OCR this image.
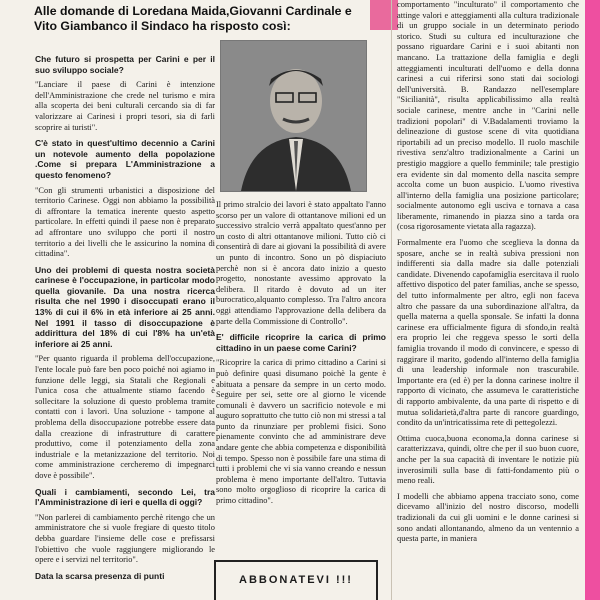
Alle domande di Loredana Maida,Giovanni Cardinale e Vito Giambanco il Sindaco ha risposto così:

Che futuro si prospetta per Carini e per il suo sviluppo sociale?

"Lanciare il paese di Carini è intenzione dell'Amministrazione che crede nel turismo e mira alla scoperta dei beni culturali cercando sia di far valorizzare ai Carinesi i propri tesori, sia di farli scoprire ai turisti".

C'è stato in quest'ultimo decennio a Carini un notevole aumento della popolazione .Come si prepara L'Amministrazione a questo fenomeno?

"Con gli strumenti urbanistici a disposizione del territorio Carinese. Oggi non abbiamo la possibilità di affrontare la tematica inerente questo aspetto particolare. In effetti quindi il paese non è preparato ad affrontare uno sviluppo che porti il nostro territorio a dei livelli che le assicurino la nomina di cittadina".

Uno dei problemi di questa nostra società carinese è l'occupazione, in particolar modo quella giovanile. Da una nostra ricerca risulta che nel 1990 i disoccupati erano il 13% di cui il 6% in età inferiore ai 25 anni. Nel 1991 il tasso di disoccupazione è addirittura del 18% di cui l'8% ha un'età inferiore ai 25 anni.

"Per quanto riguarda il problema dell'occupazione, l'ente locale può fare ben poco poiché noi agiamo in funzione delle leggi, sia Statali che Regionali e l'unica cosa che attualmente stiamo facendo è sollecitare la soluzione di questo problema tramite contatti con i lavori. Una soluzione - tampone al problema della disoccupazione potrebbe essere data dalla creazione di infrastrutture di carattere produttivo, come il potenziamento della zona industriale e la metanizzazione del territorio. Noi come amministrazione cercheremo di impegnarci dove è possibile".

Quali i cambiamenti, secondo Lei, tra l'Amministrazione di ieri e quella di oggi?

"Non parlerei di cambiamento perchè ritengo che un amministratore che si vuole fregiare di questo titolo debba guardare l'insieme delle cose e prefissarsi l'obiettivo che vuole raggiungere migliorando le opere e i servizi nel territorio".

Data la scarsa presenza di punti

Il primo stralcio dei lavori è stato appaltato l'anno scorso per un valore di ottantanove milioni ed un successivo stralcio verrà appaltato quest'anno per un costo di altri ottantanove milioni. Tutto ciò ci consentirà di dare ai giovani la possibilità di avere un punto di incontro. Sono un pò dispiaciuto perchè non si è ancora dato inizio a questo progetto, nonostante avessimo approvato la delibera. Il ritardo è dovuto ad un iter burocratico,alquanto complesso. Tra l'altro ancora oggi attendiamo l'approvazione della delibera da parte della Commissione di Controllo".

E' difficile ricoprire la carica di primo cittadino in un paese come Carini?

"Ricoprire la carica di primo cittadino a Carini si può definire quasi disumano poichè la gente è abituata a pensare da sempre in un certo modo. Seguire per sei, sette ore al giorno le vicende comunali è davvero un sacrificio notevole e mi auguro soprattutto che tutto ciò non mi stressi a tal punto da rinunziare per problemi fisici. Sono pienamente convinto che ad amministrare deve andare gente che abbia competenza e disponibilità di tempo. Spesso non è possibile fare una stima di tutti i problemi che vi sia vanno creando e nessun problema è meno importante dell'altro. Tuttavia sono molto orgoglioso di ricoprire la carica di primo cittadino".

comportamento "inculturato" il comportamento che attinge valori e atteggiamenti alla cultura tradizionale di un gruppo sociale in un determinato periodo storico. Studi su cultura ed inculturazione che possano riguardare Carini e i suoi abitanti non mancano. La trattazione della famiglia e degli atteggiamenti inculturati dell'uomo e della donna carinesi a cui riferirsi sono stati dai sociologi dell'università. B. Randazzo nell'esemplare "Sicilianità", risulta applicabilissimo alla realtà sociale carinese, mentre anche in "Carini nelle tradizioni popolari" di V.Badalamenti troviamo la delineazione di gustose scene di vita quotidiana riportabili ad un preciso modello. Il ruolo maschile rivestiva senz'altro tradizionalmente a Carini un prestigio maggiore a quello femminile; tale prestigio era evidente sin dal momento della nascita sempre accolta come un buon auspicio. L'uomo rivestiva all'interno della famiglia una posizione particolare; socialmente autonomo egli usciva e tornava a casa liberamente, rimanendo in piazza sino a tarda ora (cosa rigorosamente vietata alla ragazza).

Formalmente era l'uomo che sceglieva la donna da sposare, anche se in realtà subiva pressioni non indifferenti sia dalla madre sia dalle potenziali candidate. Divenendo capofamiglia esercitava il ruolo affettivo dispotico del pater familias, anche se spesso, del tutto informalmente per altro, egli non faceva altro che passare da una subordinazione all'altra, da quella materna a quella sponsale. Se infatti la donna carinese era ufficialmente figura di sfondo,in realtà era proprio lei che reggeva spesso le sorti della famiglia trovando il modo di convincere, e spesso di raggirare il marito, godendo all'interno della famiglia di una leadership informale non trascurabile. Importante era (ed è) per la donna carinese inoltre il rapporto di vicinato, che assumeva le caratteristiche di rapporto ambivalente, da una parte di rispetto e di mutua solidarietà,d'altra parte di rancore guardingo, condito da un'intricatissima rete di pettegolezzi.

Ottima cuoca,buona economa,la donna carinese si caratterizzava, quindi, oltre che per il suo buon cuore, anche per la sua capacità di inventare le notizie più inverosimili sulla base di fatti-fondamento più o meno reali.

I modelli che abbiamo appena tracciato sono, come dicevamo all'inizio del nostro discorso, modelli tradizionali da cui gli uomini e le donne carinesi si sono andati allontanando, almeno da un ventennio a questa parte, in maniera

ABBONATEVI !!!
